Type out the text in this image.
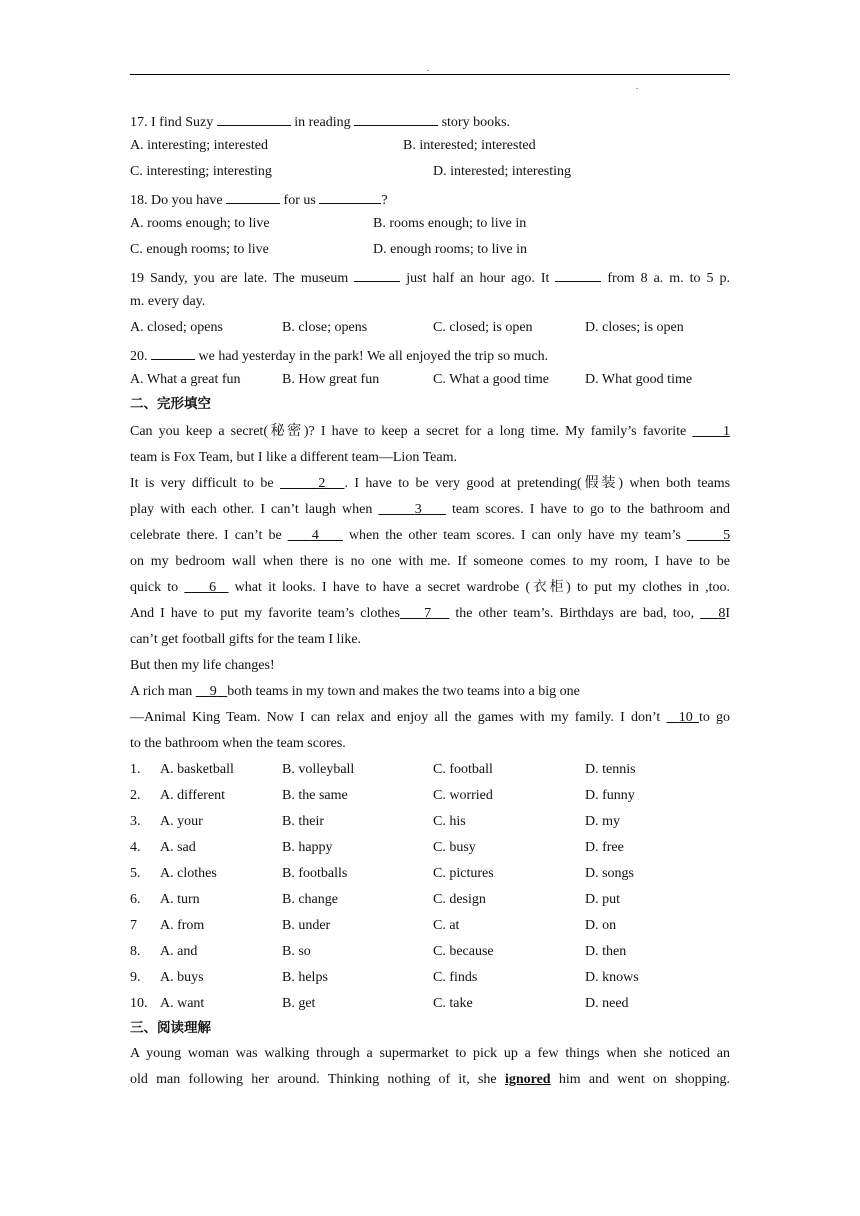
.
.
17. I find Suzy	in reading	story books.
A. interesting; interested	B. interested; interested
C. interesting; interesting	D. interested; interesting
18. Do you have	for us	?
A. rooms enough; to live	B. rooms enough; to live in
C. enough rooms; to live	D. enough rooms; to live in
19 Sandy, you are late. The museum	just half an hour ago. It	from 8 a. m. to 5 p.
m. every day.
A. closed; opens	B. close; opens	C. closed; is open	D. closes; is open
20.	we had yesterday in the park! We all enjoyed the trip so much.
A. What a great fun	B. How great fun	C. What a good time	D. What good time
二、完形填空
Can you keep a secret(秘密)? I have to keep a secret for a long time. My family’s favorite	1
team is Fox Team, but I like a different team—Lion Team.
It is very difficult to be	2 . I have to be very good at pretending(假装) when both teams
play with each other. I can’t laugh when	3 team scores. I have to go to the bathroom and
celebrate there. I can’t be 4 when the other team scores. I can only have my team’s	5
on my bedroom wall when there is no one with me. If someone comes to my room, I have to be
quick to 6 what it looks. I have to have a secret wardrobe (衣柜) to put my clothes in ,too.
And I have to put my favorite team’s clothes 7 the other team’s. Birthdays are bad, too, 8I
can’t get football gifts for the team I like.
But then my life changes!
A rich man 9 both teams in my town and makes the two teams into a big one
—Animal King Team. Now I can relax and enjoy all the games with my family. I don’t 10 to go
to the bathroom when the team scores.
1. A. basketball	B. volleyball	C. football	D. tennis
2. A. different	B. the same	C. worried	D. funny
3. A. your	B. their	C. his	D. my
4. A. sad	B. happy	C. busy	D. free
5. A. clothes	B. footballs	C. pictures	D. songs
6. A. turn	B. change	C. design	D. put
7 A. from	B. under	C. at	D. on
8. A. and	B. so	C. because	D. then
9. A. buys	B. helps	C. finds	D. knows
10. A. want	B. get	C. take	D. need
三、阅读理解
A young woman was walking through a supermarket to pick up a few things when she noticed an
old man following her around. Thinking nothing of it, she ignored him and went on shopping.
